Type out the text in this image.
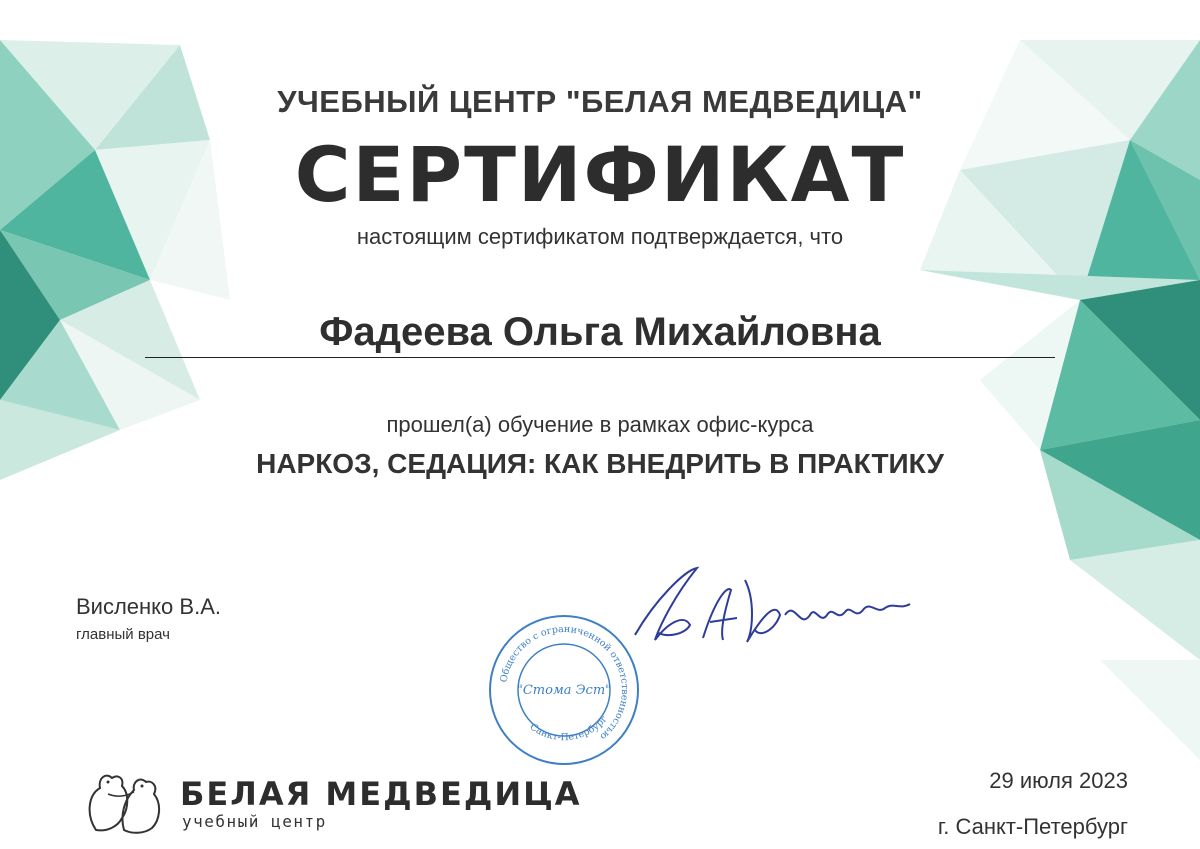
УЧЕБНЫЙ ЦЕНТР "БЕЛАЯ МЕДВЕДИЦА"
СЕРТИФИКАТ
настоящим сертификатом подтверждается, что
Фадеева Ольга Михайловна
прошел(а) обучение в рамках офис-курса
НАРКОЗ, СЕДАЦИЯ: КАК ВНЕДРИТЬ В ПРАКТИКУ
Висленко В.А.
главный врач
Общество с ограниченной ответственностью
"Стома Эст"
Санкт-Петербург
БЕЛАЯ МЕДВЕДИЦА
учебный центр
29 июля 2023
г. Санкт-Петербург
